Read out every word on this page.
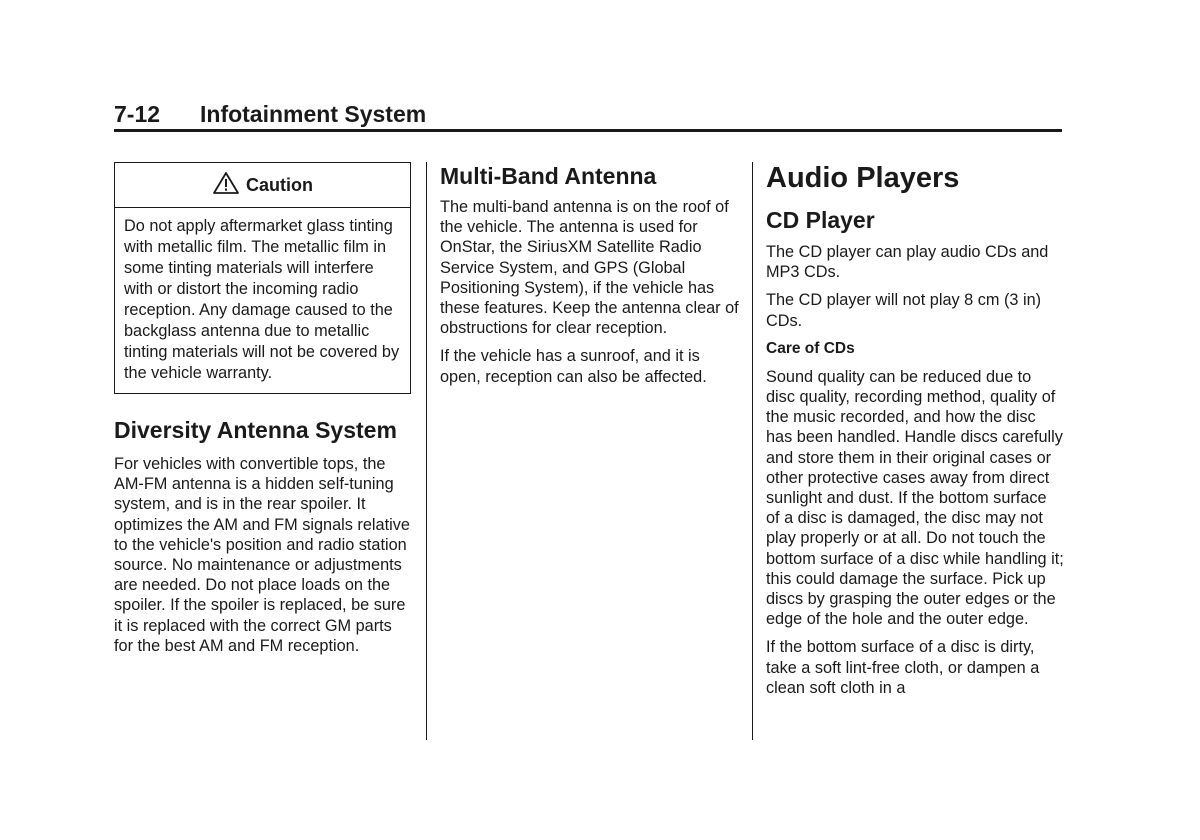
7-12 Infotainment System
Caution
Do not apply aftermarket glass tinting with metallic film. The metallic film in some tinting materials will interfere with or distort the incoming radio reception. Any damage caused to the backglass antenna due to metallic tinting materials will not be covered by the vehicle warranty.
Diversity Antenna System

For vehicles with convertible tops, the AM-FM antenna is a hidden self-tuning system, and is in the rear spoiler. It optimizes the AM and FM signals relative to the vehicle's position and radio station source. No maintenance or adjustments are needed. Do not place loads on the spoiler. If the spoiler is replaced, be sure it is replaced with the correct GM parts for the best AM and FM reception.

Multi-Band Antenna

The multi-band antenna is on the roof of the vehicle. The antenna is used for OnStar, the SiriusXM Satellite Radio Service System, and GPS (Global Positioning System), if the vehicle has these features. Keep the antenna clear of obstructions for clear reception.

If the vehicle has a sunroof, and it is open, reception can also be affected.

Audio Players
CD Player

The CD player can play audio CDs and MP3 CDs.

The CD player will not play 8 cm (3 in) CDs.

Care of CDs

Sound quality can be reduced due to disc quality, recording method, quality of the music recorded, and how the disc has been handled. Handle discs carefully and store them in their original cases or other protective cases away from direct sunlight and dust. If the bottom surface of a disc is damaged, the disc may not play properly or at all. Do not touch the bottom surface of a disc while handling it; this could damage the surface. Pick up discs by grasping the outer edges or the edge of the hole and the outer edge.

If the bottom surface of a disc is dirty, take a soft lint-free cloth, or dampen a clean soft cloth in a
